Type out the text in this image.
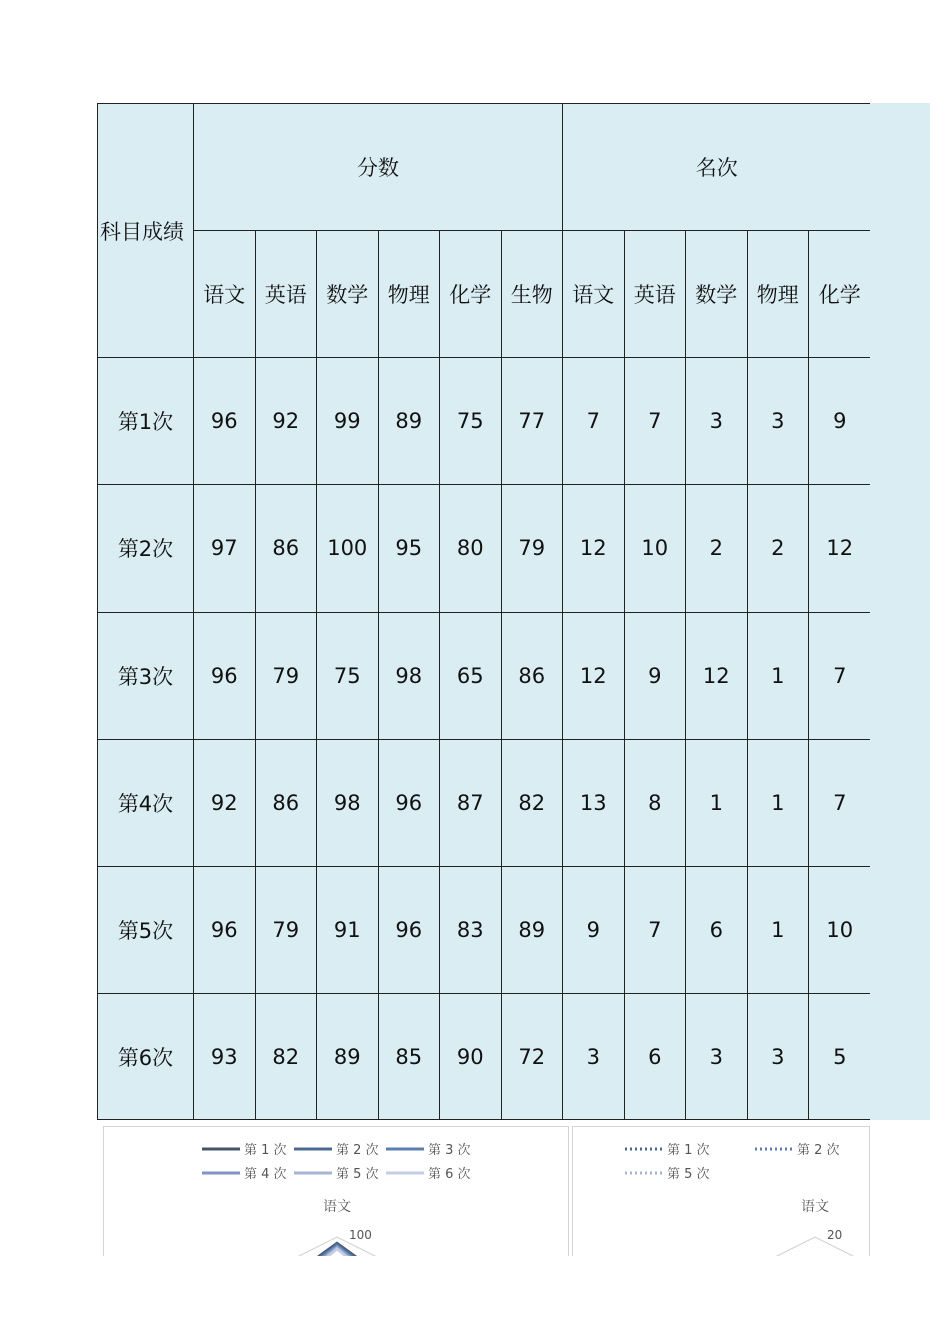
科目成绩
分数	名次
语文 英语 数学 物理 化学 生物 语文 英语 数学 物理 化学
第1次	96	92	99	89	75	77	7	7	3	3	9
第2次	97	86	100	95	80	79	12	10	2	2	12
第3次	96	79	75	98	65	86	12	9	12	1	7
第4次	92	86	98	96	87	82	13	8	1	1	7
第5次	96	79	91	96	83	89	9	7	6	1	10
第6次	93	82	89	85	90	72	3	6	3	3	5
第 1 次	第 2 次	第 3 次
第 4 次	第 5 次	第 6 次
语文
100
第 1 次	第 2 次
第 5 次
语文
20
